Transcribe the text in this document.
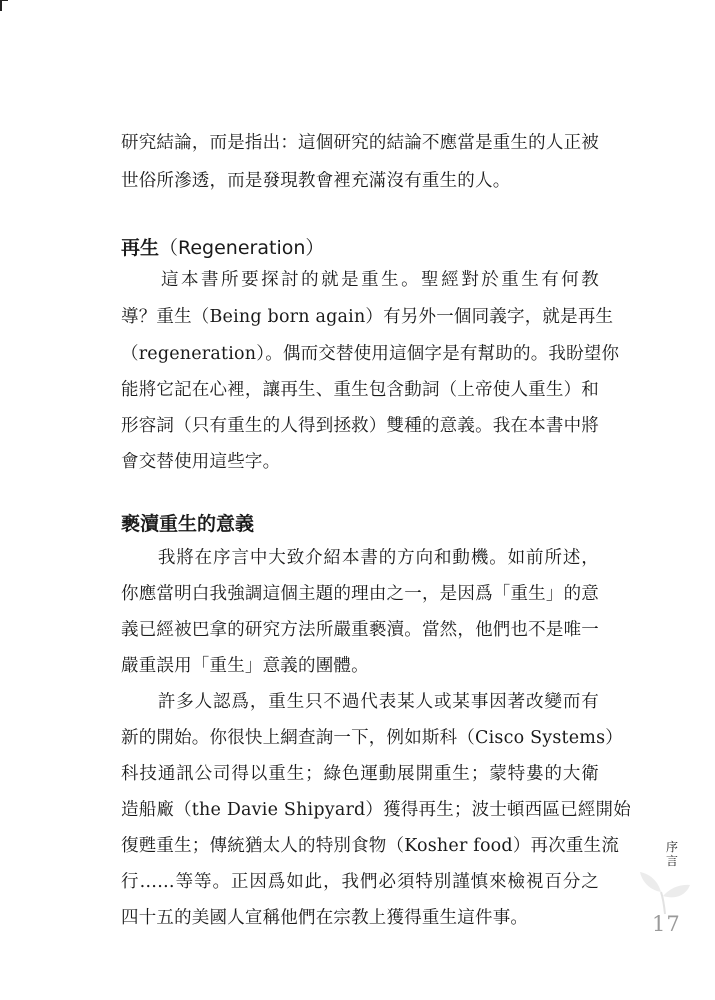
研究結論，而是指出：這個研究的結論不應當是重生的人正被
世俗所滲透，而是發現教會裡充滿沒有重生的人。
再生（Regeneration）
　　這本書所要探討的就是重生。聖經對於重生有何教
導？重生（Being born again）有另外一個同義字，就是再生
（regeneration）。偶而交替使用這個字是有幫助的。我盼望你
能將它記在心裡，讓再生、重生包含動詞（上帝使人重生）和
形容詞（只有重生的人得到拯救）雙種的意義。我在本書中將
會交替使用這些字。
褻瀆重生的意義
　　我將在序言中大致介紹本書的方向和動機。如前所述，
你應當明白我強調這個主題的理由之一，是因爲「重生」的意
義已經被巴拿的研究方法所嚴重褻瀆。當然，他們也不是唯一
嚴重誤用「重生」意義的團體。
　　許多人認爲，重生只不過代表某人或某事因著改變而有
新的開始。你很快上網查詢一下，例如斯科（Cisco Systems）
科技通訊公司得以重生；綠色運動展開重生；蒙特婁的大衛
造船廠（the Davie Shipyard）獲得再生；波士頓西區已經開始
復甦重生；傳統猶太人的特別食物（Kosher food）再次重生流
行……等等。正因爲如此，我們必須特別謹慎來檢視百分之
四十五的美國人宣稱他們在宗教上獲得重生這件事。
序
言
17
